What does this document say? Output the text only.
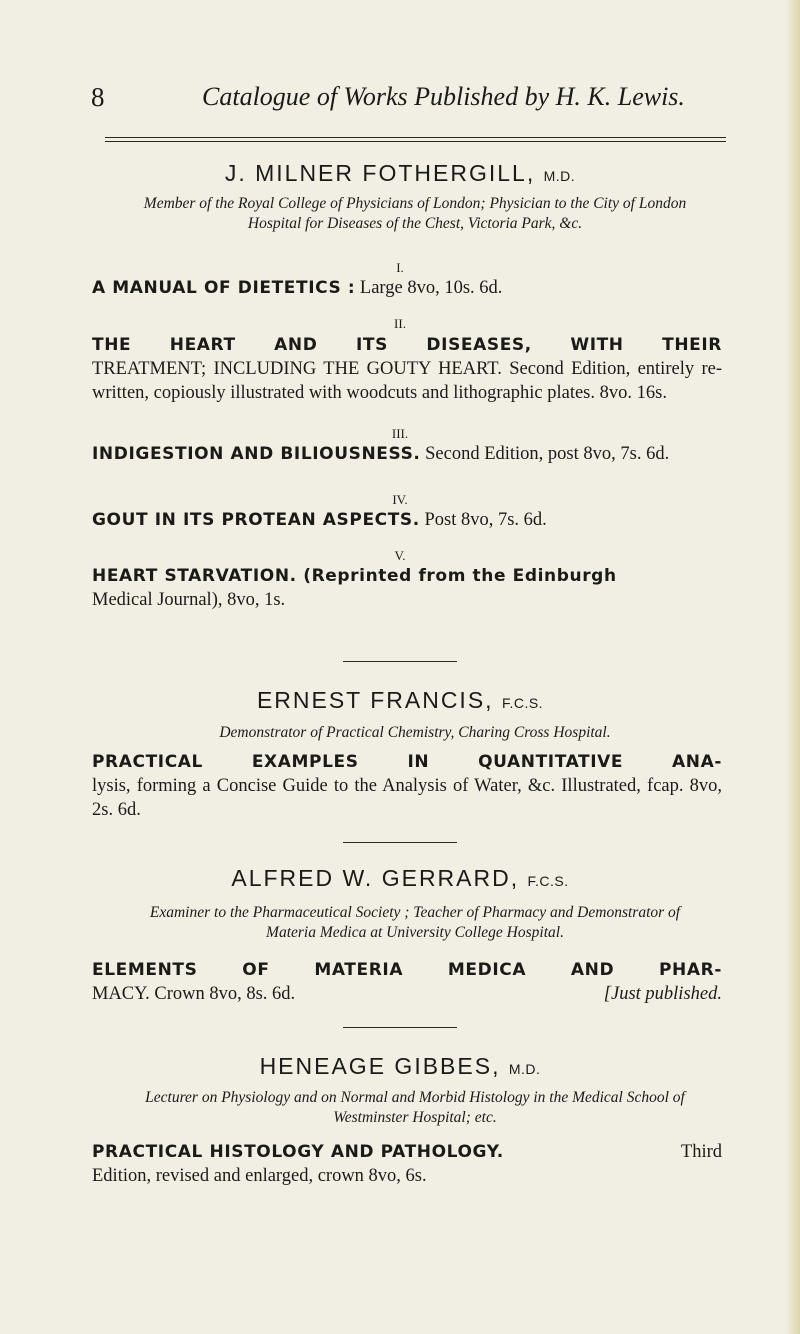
8	Catalogue of Works Published by H. K. Lewis.
J. MILNER FOTHERGILL, M.D.
Member of the Royal College of Physicians of London; Physician to the City of London
Hospital for Diseases of the Chest, Victoria Park, &c.
I.
A MANUAL OF DIETETICS : Large 8vo, 10s. 6d.
II.
THE HEART AND ITS DISEASES, WITH THEIR
TREATMENT; INCLUDING THE GOUTY HEART. Second Edition, entirely re-written, copiously illustrated with woodcuts and lithographic plates. 8vo. 16s.
III.
INDIGESTION AND BILIOUSNESS. Second Edition, post 8vo, 7s. 6d.
IV.
GOUT IN ITS PROTEAN ASPECTS. Post 8vo, 7s. 6d.
V.
HEART STARVATION. (Reprinted from the Edinburgh
Medical Journal), 8vo, 1s.
ERNEST FRANCIS, F.C.S.
Demonstrator of Practical Chemistry, Charing Cross Hospital.
PRACTICAL EXAMPLES IN QUANTITATIVE ANA-
lysis, forming a Concise Guide to the Analysis of Water, &c. Illustrated, fcap. 8vo, 2s. 6d.
ALFRED W. GERRARD, F.C.S.
Examiner to the Pharmaceutical Society ; Teacher of Pharmacy and Demonstrator of
Materia Medica at University College Hospital.
ELEMENTS OF MATERIA MEDICA AND PHAR-
MACY. Crown 8vo, 8s. 6d.	[Just published.
HENEAGE GIBBES, M.D.
Lecturer on Physiology and on Normal and Morbid Histology in the Medical School of
Westminster Hospital; etc.
PRACTICAL HISTOLOGY AND PATHOLOGY.	Third
Edition, revised and enlarged, crown 8vo, 6s.
